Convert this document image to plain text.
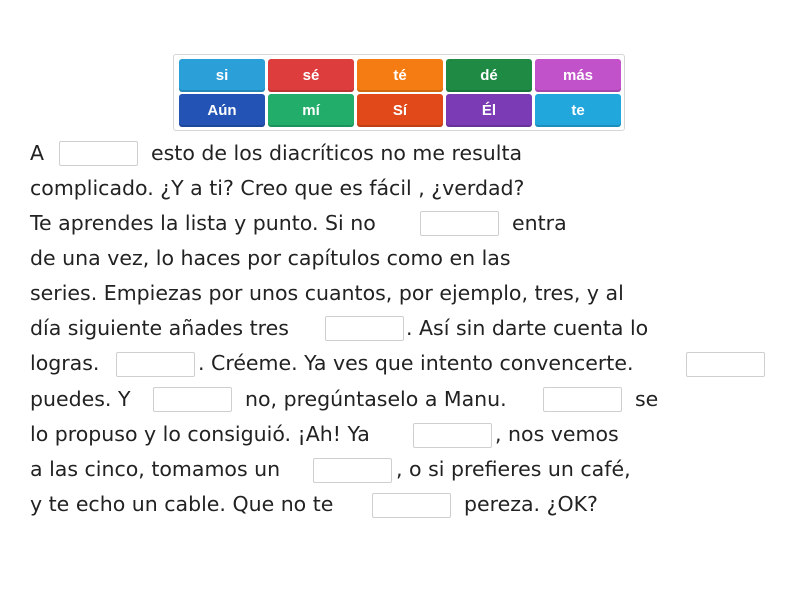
si	sé	té	dé	más
Aún	mí	Sí	Él	te
A	esto de los diacríticos no me resulta
complicado. ¿Y a ti? Creo que es fácil , ¿verdad?
Te aprendes la lista y punto. Si no	entra
de una vez, lo haces por capítulos como en las
series. Empiezas por unos cuantos, por ejemplo, tres, y al
día siguiente añades tres	. Así sin darte cuenta lo
logras.	. Créeme. Ya ves que intento convencerte.
puedes. Y	no, pregúntaselo a Manu.	se
lo propuso y lo consiguió. ¡Ah! Ya	, nos vemos
a las cinco, tomamos un	, o si prefieres un café,
y te echo un cable. Que no te	pereza. ¿OK?
